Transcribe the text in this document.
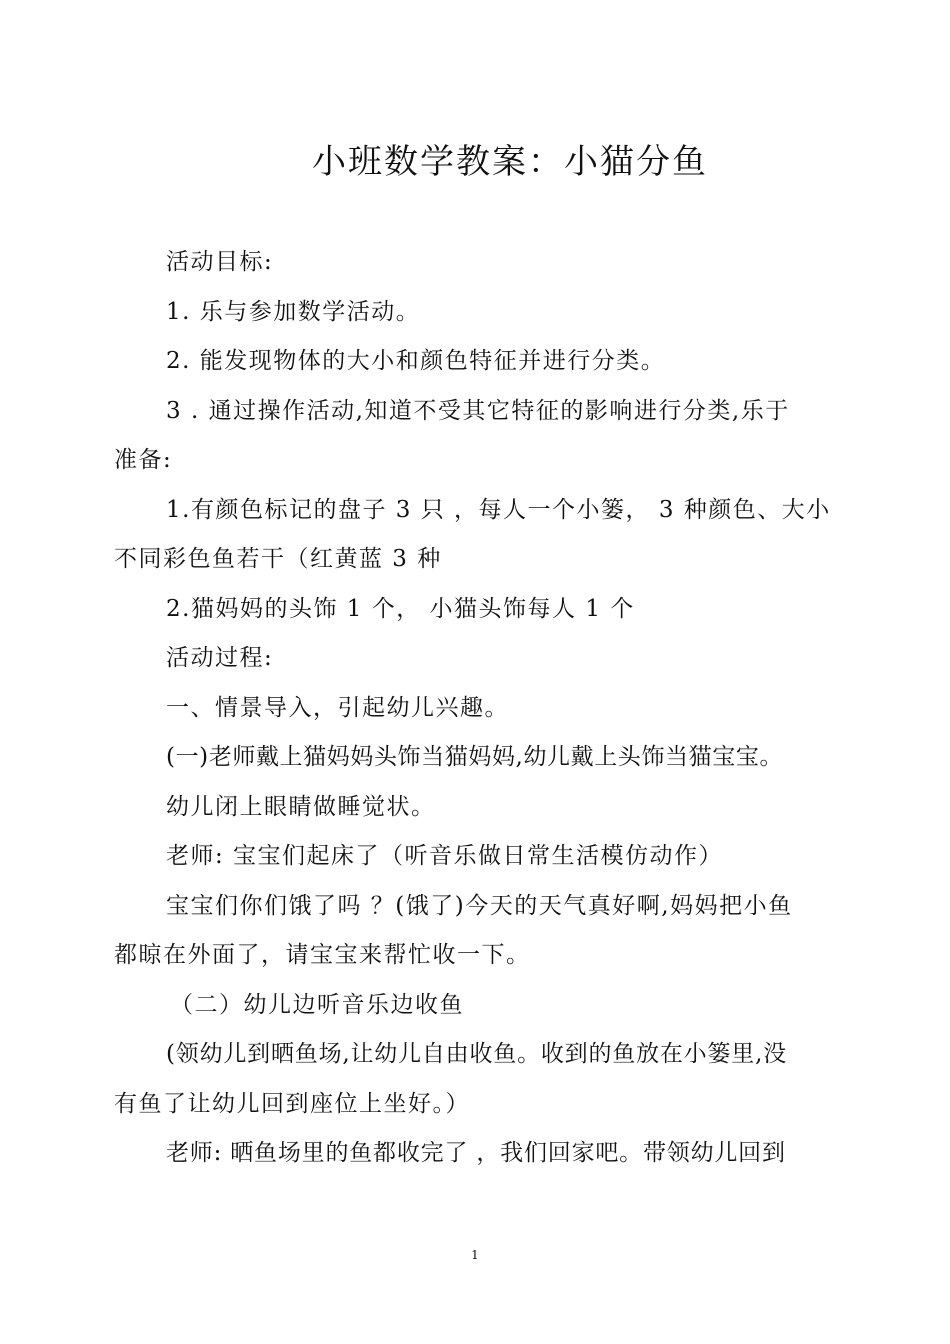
小班数学教案：小猫分鱼

活动目标:

1. 乐与参加数学活动。

2. 能发现物体的大小和颜色特征并进行分类。

3 . 通过操作活动,知道不受其它特征的影响进行分类,乐于

准备:

1.有颜色标记的盘子 3 只 ，每人一个小篓， 3 种颜色、大小

不同彩色鱼若干（红黄蓝 3 种

2.猫妈妈的头饰 1 个， 小猫头饰每人 1 个

活动过程:

一、情景导入，引起幼儿兴趣。

(一)老师戴上猫妈妈头饰当猫妈妈,幼儿戴上头饰当猫宝宝。

幼儿闭上眼睛做睡觉状。

老师: 宝宝们起床了（听音乐做日常生活模仿动作）

宝宝们你们饿了吗 ？(饿了)今天的天气真好啊,妈妈把小鱼

都晾在外面了，请宝宝来帮忙收一下。

（二）幼儿边听音乐边收鱼

(领幼儿到晒鱼场,让幼儿自由收鱼。收到的鱼放在小篓里,没

有鱼了让幼儿回到座位上坐好。）

老师: 晒鱼场里的鱼都收完了 ，我们回家吧。带领幼儿回到

1
